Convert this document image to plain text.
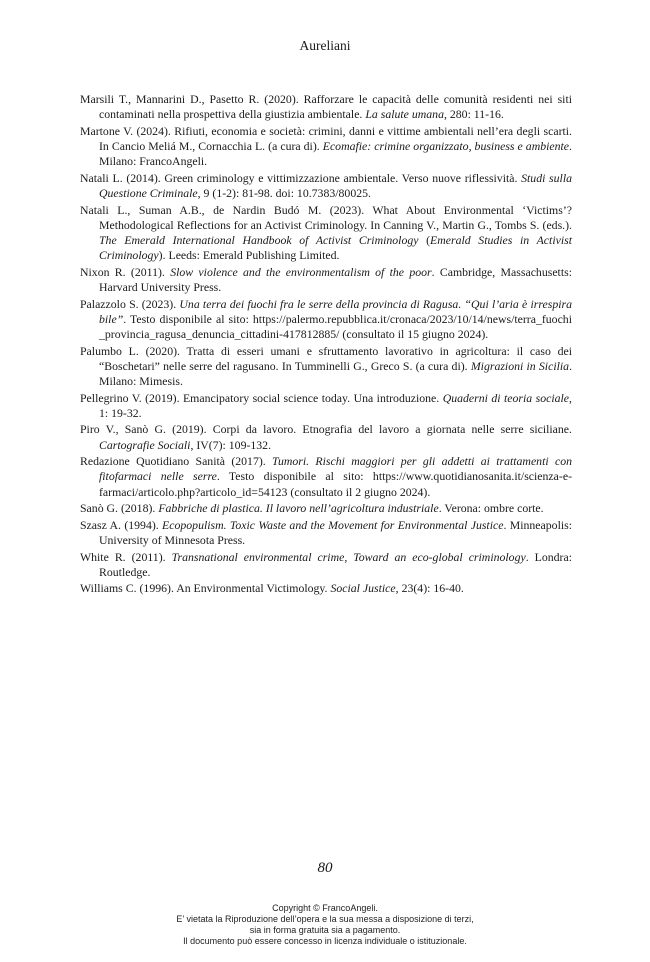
Aureliani
Marsili T., Mannarini D., Pasetto R. (2020). Rafforzare le capacità delle comunità residenti nei siti contaminati nella prospettiva della giustizia ambientale. La salute umana, 280: 11-16.
Martone V. (2024). Rifiuti, economia e società: crimini, danni e vittime ambientali nell’era degli scarti. In Cancio Meliá M., Cornacchia L. (a cura di). Ecomafie: crimine organizzato, business e ambiente. Milano: FrancoAngeli.
Natali L. (2014). Green criminology e vittimizzazione ambientale. Verso nuove riflessività. Studi sulla Questione Criminale, 9 (1-2): 81-98. doi: 10.7383/80025.
Natali L., Suman A.B., de Nardin Budó M. (2023). What About Environmental ‘Victims’? Methodological Reflections for an Activist Criminology. In Canning V., Martin G., Tombs S. (eds.). The Emerald International Handbook of Activist Criminology (Emerald Studies in Activist Criminology). Leeds: Emerald Publishing Limited.
Nixon R. (2011). Slow violence and the environmentalism of the poor. Cambridge, Massachusetts: Harvard University Press.
Palazzolo S. (2023). Una terra dei fuochi fra le serre della provincia di Ragusa. “Qui l’aria è irrespirabile”. Testo disponibile al sito: https://palermo.repubblica.it/cronaca/2023/10/14/news/terra_fuochi_provincia_ragusa_denuncia_cittadini-417812885/ (consultato il 15 giugno 2024).
Palumbo L. (2020). Tratta di esseri umani e sfruttamento lavorativo in agricoltura: il caso dei “Boschetari” nelle serre del ragusano. In Tumminelli G., Greco S. (a cura di). Migrazioni in Sicilia. Milano: Mimesis.
Pellegrino V. (2019). Emancipatory social science today. Una introduzione. Quaderni di teoria sociale, 1: 19-32.
Piro V., Sanò G. (2019). Corpi da lavoro. Etnografia del lavoro a giornata nelle serre siciliane. Cartografie Sociali, IV(7): 109-132.
Redazione Quotidiano Sanità (2017). Tumori. Rischi maggiori per gli addetti ai trattamenti con fitofarmaci nelle serre. Testo disponibile al sito: https://www.quotidianosanita.it/scienza-e-farmaci/articolo.php?articolo_id=54123 (consultato il 2 giugno 2024).
Sanò G. (2018). Fabbriche di plastica. Il lavoro nell’agricoltura industriale. Verona: ombre corte.
Szasz A. (1994). Ecopopulism. Toxic Waste and the Movement for Environmental Justice. Minneapolis: University of Minnesota Press.
White R. (2011). Transnational environmental crime, Toward an eco-global criminology. Londra: Routledge.
Williams C. (1996). An Environmental Victimology. Social Justice, 23(4): 16-40.
80
Copyright © FrancoAngeli.
E’ vietata la Riproduzione dell’opera e la sua messa a disposizione di terzi,
sia in forma gratuita sia a pagamento.
Il documento può essere concesso in licenza individuale o istituzionale.
